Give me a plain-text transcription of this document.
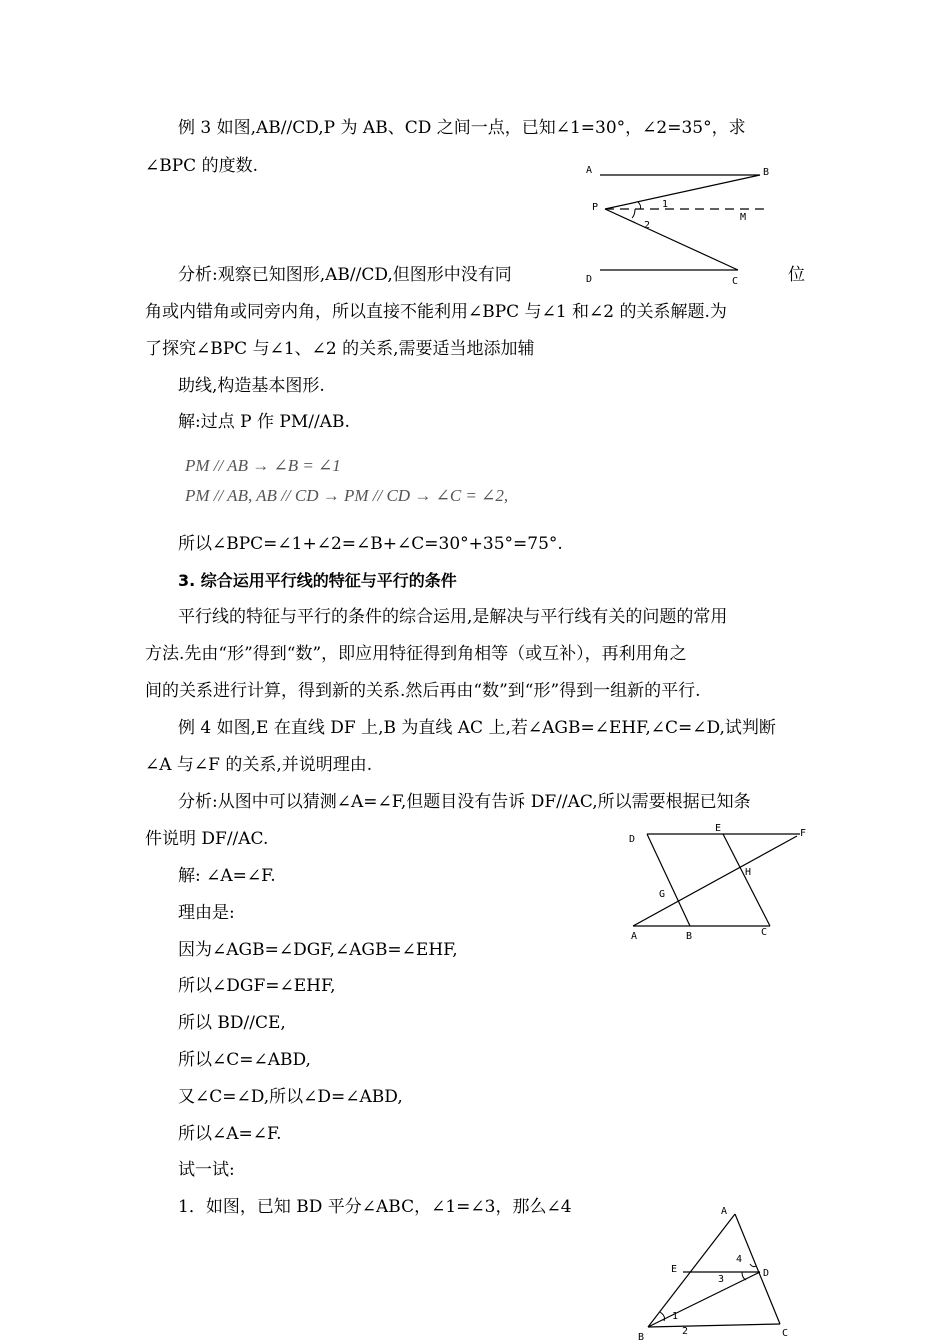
例 3 如图,AB//CD,P 为 AB、CD 之间一点，已知∠1=30°，∠2=35°，求
∠BPC 的度数.	A	B
P
M
D	C
1
2
分析:观察已知图形,AB//CD,但图形中没有同	位
角或内错角或同旁内角，所以直接不能利用∠BPC 与∠1 和∠2 的关系解题.为
了探究∠BPC 与∠1、∠2 的关系,需要适当地添加辅
助线,构造基本图形.
解:过点 P 作 PM//AB.
PM // AB → ∠B = ∠1
PM // AB, AB // CD → PM // CD → ∠C = ∠2,
所以∠BPC=∠1+∠2=∠B+∠C=30°+35°=75°.
3. 综合运用平行线的特征与平行的条件
平行线的特征与平行的条件的综合运用,是解决与平行线有关的问题的常用
方法.先由“形”得到“数”，即应用特征得到角相等（或互补），再利用角之
间的关系进行计算，得到新的关系.然后再由“数”到“形”得到一组新的平行.
例 4 如图,E 在直线 DF 上,B 为直线 AC 上,若∠AGB=∠EHF,∠C=∠D,试判断
∠A 与∠F 的关系,并说明理由.
分析:从图中可以猜测∠A=∠F,但题目没有告诉 DF//AC,所以需要根据已知条
件说明 DF//AC.
解: ∠A=∠F.
理由是:
因为∠AGB=∠DGF,∠AGB=∠EHF,
所以∠DGF=∠EHF,
所以 BD//CE,
所以∠C=∠ABD,
又∠C=∠D,所以∠D=∠ABD,
所以∠A=∠F.
D
E	F
G
H
A	B	C
试一试:
1．如图，已知 BD 平分∠ABC，∠1=∠3，那么∠4	A
E	D
B	C
1
2
3
4
